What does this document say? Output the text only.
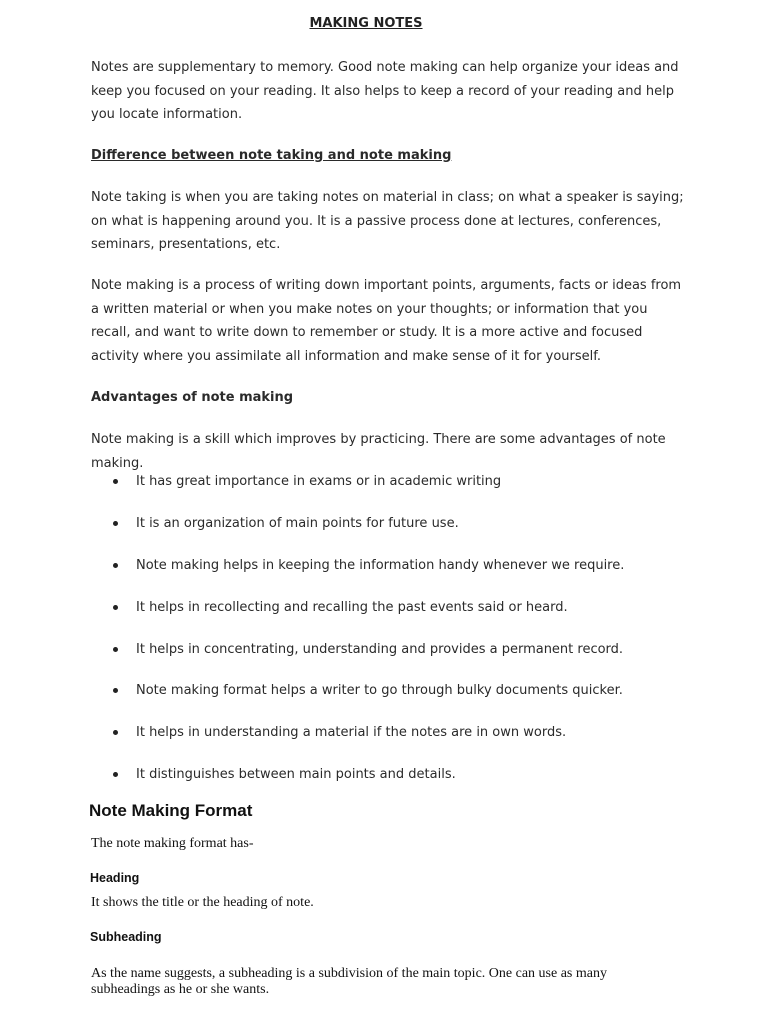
MAKING NOTES

Notes are supplementary to memory. Good note making can help organize your ideas and keep you focused on your reading. It also helps to keep a record of your reading and help you locate information.

Difference between note taking and note making

Note taking is when you are taking notes on material in class; on what a speaker is saying; on what is happening around you. It is a passive process done at lectures, conferences, seminars, presentations, etc.

Note making is a process of writing down important points, arguments, facts or ideas from a written material or when you make notes on your thoughts; or information that you recall, and want to write down to remember or study. It is a more active and focused activity where you assimilate all information and make sense of it for yourself.

Advantages of note making

Note making is a skill which improves by practicing. There are some advantages of note making.

It has great importance in exams or in academic writing
It is an organization of main points for future use.
Note making helps in keeping the information handy whenever we require.
It helps in recollecting and recalling the past events said or heard.
It helps in concentrating, understanding and provides a permanent record.
Note making format helps a writer to go through bulky documents quicker.
It helps in understanding a material if the notes are in own words.
It distinguishes between main points and details.
Note Making Format

The note making format has-

Heading

It shows the title or the heading of note.

Subheading

As the name suggests, a subheading is a subdivision of the main topic. One can use as many subheadings as he or she wants.
